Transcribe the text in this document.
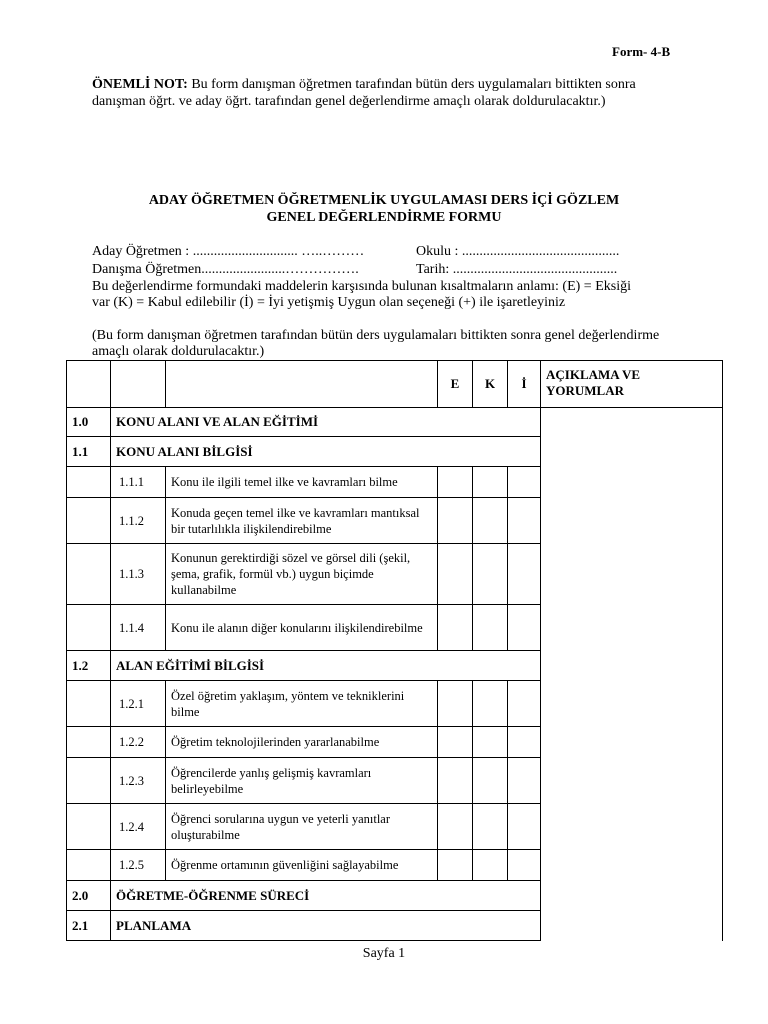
Form- 4-B
ÖNEMLİ NOT: Bu form danışman öğretmen tarafından bütün ders uygulamaları bittikten sonra danışman öğrt. ve aday öğrt. tarafından genel değerlendirme amaçlı olarak doldurulacaktır.)
ADAY ÖĞRETMEN ÖĞRETMENLİK UYGULAMASI DERS İÇİ GÖZLEM
GENEL DEĞERLENDİRME FORMU
Aday Öğretmen : .............................. …..………	Okulu : .............................................
Danışma Öğretmen........................…………….	Tarih: ...............................................
Bu değerlendirme formundaki maddelerin karşısında bulunan kısaltmaların anlamı: (E) = Eksiği var (K) = Kabul edilebilir (İ) = İyi yetişmiş Uygun olan seçeneği (+) ile işaretleyiniz
(Bu form danışman öğretmen tarafından bütün ders uygulamaları bittikten sonra genel değerlendirme amaçlı olarak doldurulacaktır.)
			E	K	İ	AÇIKLAMA VE YORUMLAR
1.0	KONU ALANI VE ALAN EĞİTİMİ					
1.1	KONU ALANI BİLGİSİ					
	1.1.1	Konu ile ilgili temel ilke ve kavramları bilme				
	1.1.2	Konuda geçen temel ilke ve kavramları mantıksal bir tutarlılıkla ilişkilendirebilme				
	1.1.3	Konunun gerektirdiği sözel ve görsel dili (şekil, şema, grafik, formül vb.) uygun biçimde kullanabilme				
	1.1.4	Konu ile alanın diğer konularını ilişkilendirebilme				
1.2	ALAN EĞİTİMİ BİLGİSİ					
	1.2.1	Özel öğretim yaklaşım, yöntem ve tekniklerini bilme				
	1.2.2	Öğretim teknolojilerinden yararlanabilme				
	1.2.3	Öğrencilerde yanlış gelişmiş kavramları belirleyebilme				
	1.2.4	Öğrenci sorularına uygun ve yeterli yanıtlar oluşturabilme				
	1.2.5	Öğrenme ortamının güvenliğini sağlayabilme				
2.0	ÖĞRETME-ÖĞRENME SÜRECİ					
2.1	PLANLAMA					
Sayfa 1
